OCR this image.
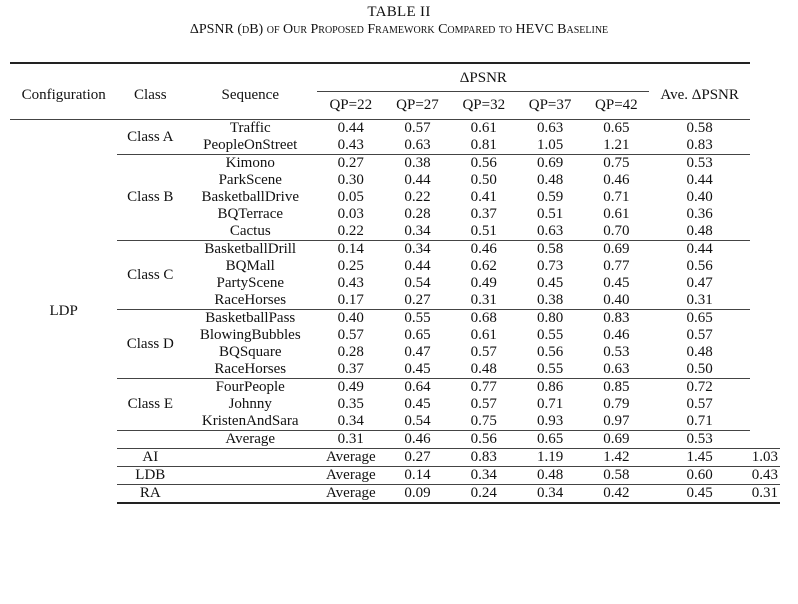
TABLE II
ΔPSNR (dB) of Our Proposed Framework Compared to HEVC Baseline
Configuration	Class	Sequence	ΔPSNR					Ave. ΔPSNR	
			QP=22	QP=27	QP=32	QP=37	QP=42		
LDP	Class A	Traffic	0.44	0.57	0.61	0.63	0.65	0.58	
		PeopleOnStreet	0.43	0.63	0.81	1.05	1.21	0.83	
	Class B	Kimono	0.27	0.38	0.56	0.69	0.75	0.53	
		ParkScene	0.30	0.44	0.50	0.48	0.46	0.44	
		BasketballDrive	0.05	0.22	0.41	0.59	0.71	0.40	
		BQTerrace	0.03	0.28	0.37	0.51	0.61	0.36	
		Cactus	0.22	0.34	0.51	0.63	0.70	0.48	
	Class C	BasketballDrill	0.14	0.34	0.46	0.58	0.69	0.44	
		BQMall	0.25	0.44	0.62	0.73	0.77	0.56	
		PartyScene	0.43	0.54	0.49	0.45	0.45	0.47	
		RaceHorses	0.17	0.27	0.31	0.38	0.40	0.31	
	Class D	BasketballPass	0.40	0.55	0.68	0.80	0.83	0.65	
		BlowingBubbles	0.57	0.65	0.61	0.55	0.46	0.57	
		BQSquare	0.28	0.47	0.57	0.56	0.53	0.48	
		RaceHorses	0.37	0.45	0.48	0.55	0.63	0.50	
	Class E	FourPeople	0.49	0.64	0.77	0.86	0.85	0.72	
		Johnny	0.35	0.45	0.57	0.71	0.79	0.57	
		KristenAndSara	0.34	0.54	0.75	0.93	0.97	0.71	
		Average	0.31	0.46	0.56	0.65	0.69	0.53	
	AI		Average	0.27	0.83	1.19	1.42	1.45	1.03
	LDB		Average	0.14	0.34	0.48	0.58	0.60	0.43
	RA		Average	0.09	0.24	0.34	0.42	0.45	0.31
